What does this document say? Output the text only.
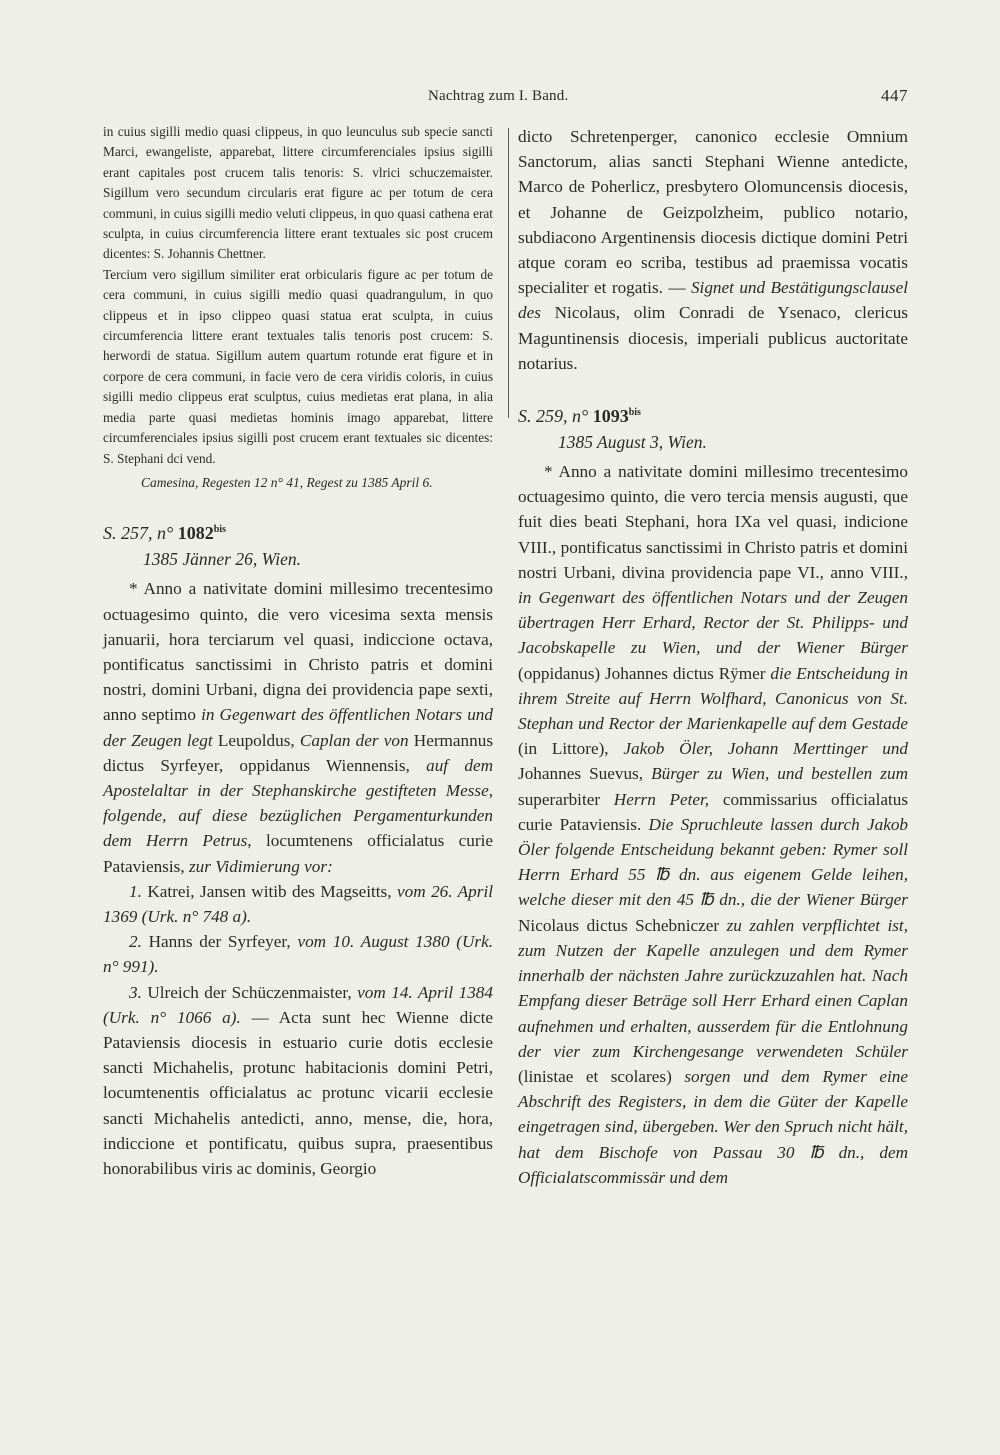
Nachtrag zum I. Band.	447

in cuius sigilli medio quasi clippeus, in quo leunculus sub specie sancti Marci, ewangeliste, apparebat, littere circumferenciales ipsius sigilli erant capitales post crucem talis tenoris: S. vlrici schuczemaister. Sigillum vero secundum circularis erat figure ac per totum de cera communi, in cuius sigilli medio veluti clippeus, in quo quasi cathena erat sculpta, in cuius circumferencia littere erant textuales sic post crucem dicentes: S. Johannis Chettner.

Tercium vero sigillum similiter erat orbicularis figure ac per totum de cera communi, in cuius sigilli medio quasi quadrangulum, in quo clippeus et in ipso clippeo quasi statua erat sculpta, in cuius circumferencia littere erant textuales talis tenoris post crucem: S. herwordi de statua. Sigillum autem quartum rotunde erat figure et in corpore de cera communi, in facie vero de cera viridis coloris, in cuius sigilli medio clippeus erat sculptus, cuius medietas erat plana, in alia media parte quasi medietas hominis imago apparebat, littere circumferenciales ipsius sigilli post crucem erant textuales sic dicentes: S. Stephani dci vend.

Camesina, Regesten 12 n° 41, Regest zu 1385 April 6.

S. 257, n° $1082^{bis}$
1385 Jänner 26, Wien.

* Anno a nativitate domini millesimo trecentesimo octuagesimo quinto, die vero vicesima sexta mensis januarii, hora terciarum vel quasi, indiccione octava, pontificatus sanctissimi in Christo patris et domini nostri, domini Urbani, digna dei providencia pape sexti, anno septimo in Gegenwart des öffentlichen Notars und der Zeugen legt Leupoldus, Caplan der von Hermannus dictus Syrfeyer, oppidanus Wiennensis, auf dem Apostelaltar in der Stephanskirche gestifteten Messe, folgende, auf diese bezüglichen Pergamenturkunden dem Herrn Petrus, locumtenens officialatus curie Pataviensis, zur Vidimierung vor:

1. Katrei, Jansen witib des Magseitts, vom 26. April 1369 (Urk. n° 748 a).

2. Hanns der Syrfeyer, vom 10. August 1380 (Urk. n° 991).

3. Ulreich der Schüczenmaister, vom 14. April 1384 (Urk. n° 1066 a). — Acta sunt hec Wienne dicte Pataviensis diocesis in estuario curie dotis ecclesie sancti Michahelis, protunc habitacionis domini Petri, locumtenentis officialatus ac protunc vicarii ecclesie sancti Michahelis antedicti, anno, mense, die, hora, indiccione et pontificatu, quibus supra, praesentibus honorabilibus viris ac dominis, Georgio

dicto Schretenperger, canonico ecclesie Omnium Sanctorum, alias sancti Stephani Wienne antedicte, Marco de Poherlicz, presbytero Olomuncensis diocesis, et Johanne de Geizpolzheim, publico notario, subdiacono Argentinensis diocesis dictique domini Petri atque coram eo scriba, testibus ad praemissa vocatis specialiter et rogatis. — Signet und Bestätigungsclausel des Nicolaus, olim Conradi de Ysenaco, clericus Maguntinensis diocesis, imperiali publicus auctoritate notarius.

S. 259, n° $1093^{bis}$
1385 August 3, Wien.

* Anno a nativitate domini millesimo trecentesimo octuagesimo quinto, die vero tercia mensis augusti, que fuit dies beati Stephani, hora IXa vel quasi, indicione VIII., pontificatus sanctissimi in Christo patris et domini nostri Urbani, divina providencia pape VI., anno VIII., in Gegenwart des öffentlichen Notars und der Zeugen übertragen Herr Erhard, Rector der St. Philipps- und Jacobskapelle zu Wien, und der Wiener Bürger (oppidanus) Johannes dictus Rÿmer die Entscheidung in ihrem Streite auf Herrn Wolfhard, Canonicus von St. Stephan und Rector der Marienkapelle auf dem Gestade (in Littore), Jakob Öler, Johann Merttinger und Johannes Suevus, Bürger zu Wien, und bestellen zum superarbiter Herrn Peter, commissarius officialatus curie Pataviensis. Die Spruchleute lassen durch Jakob Öler folgende Entscheidung bekannt geben: Rymer soll Herrn Erhard 55 ℔ dn. aus eigenem Gelde leihen, welche dieser mit den 45 ℔ dn., die der Wiener Bürger Nicolaus dictus Schebniczer zu zahlen verpflichtet ist, zum Nutzen der Kapelle anzulegen und dem Rymer innerhalb der nächsten Jahre zurückzuzahlen hat. Nach Empfang dieser Beträge soll Herr Erhard einen Caplan aufnehmen und erhalten, ausserdem für die Entlohnung der vier zum Kirchengesange verwendeten Schüler (linistae et scolares) sorgen und dem Rymer eine Abschrift des Registers, in dem die Güter der Kapelle eingetragen sind, übergeben. Wer den Spruch nicht hält, hat dem Bischofe von Passau 30 ℔ dn., dem Officialatscommissär und dem
